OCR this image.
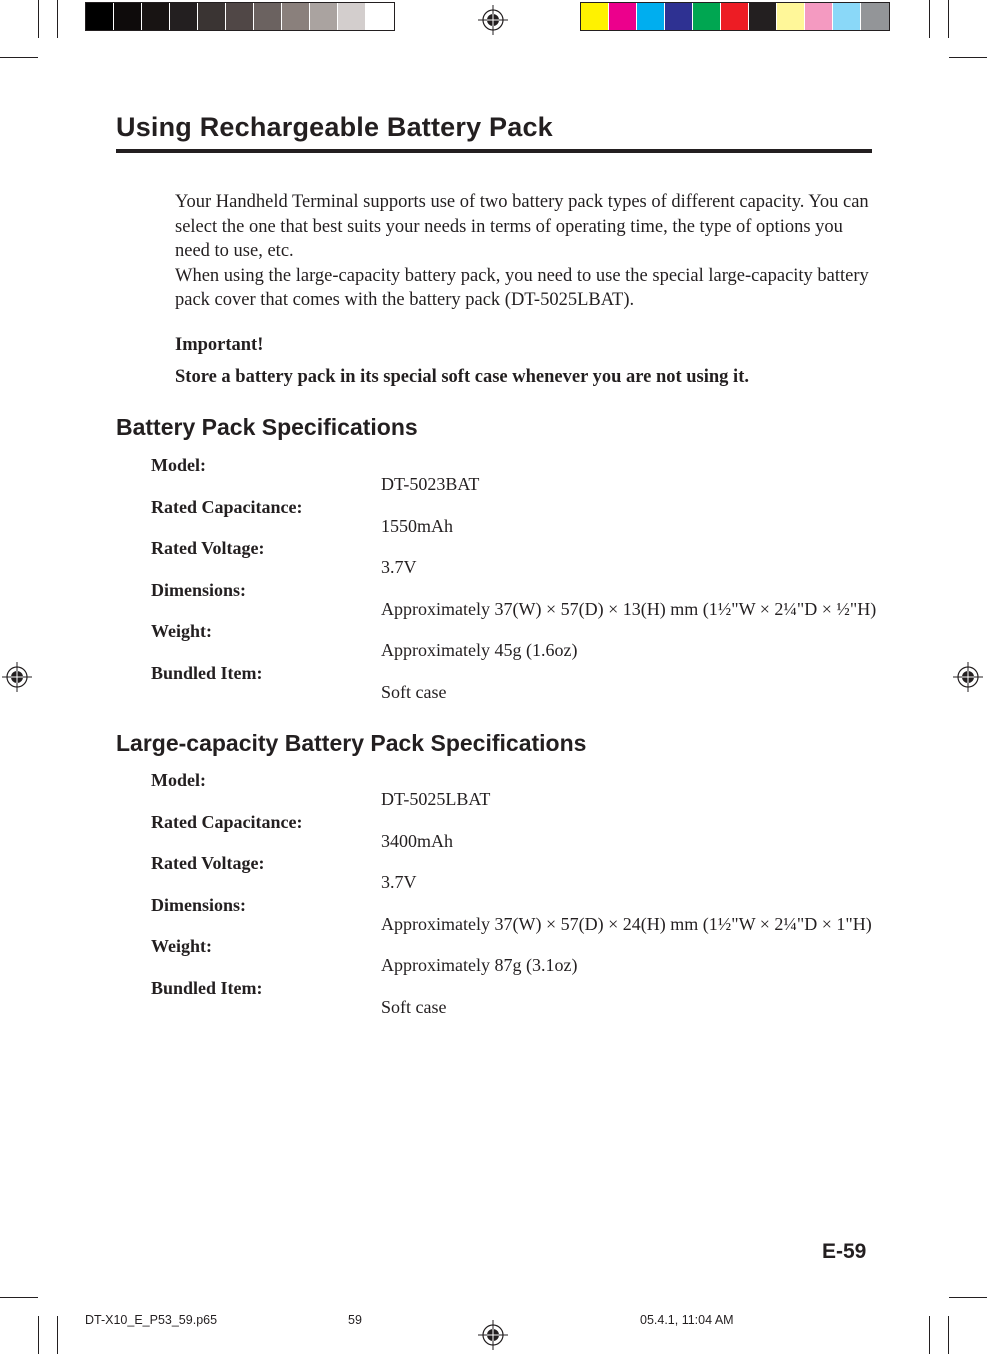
Using Rechargeable Battery Pack

Your Handheld Terminal supports use of two battery pack types of different capacity. You can select the one that best suits your needs in terms of operating time, the type of options you need to use, etc.

When using the large-capacity battery pack, you need to use the special large-capacity battery pack cover that comes with the battery pack (DT-5025LBAT).

Important!
Store a battery pack in its special soft case whenever you are not using it.
Battery Pack Specifications
Model:
DT-5023BAT
Rated Capacitance:
1550mAh
Rated Voltage:
3.7V
Dimensions:
Approximately 37(W) × 57(D) × 13(H) mm (1½"W × 2¼"D × ½"H)
Weight:
Approximately 45g (1.6oz)
Bundled Item:
Soft case
Large-capacity Battery Pack Specifications
Model:
DT-5025LBAT
Rated Capacitance:
3400mAh
Rated Voltage:
3.7V
Dimensions:
Approximately 37(W) × 57(D) × 24(H) mm (1½"W × 2¼"D × 1"H)
Weight:
Approximately 87g (3.1oz)
Bundled Item:
Soft case
E-59
DT-X10_E_P53_59.p65	59	05.4.1, 11:04 AM
